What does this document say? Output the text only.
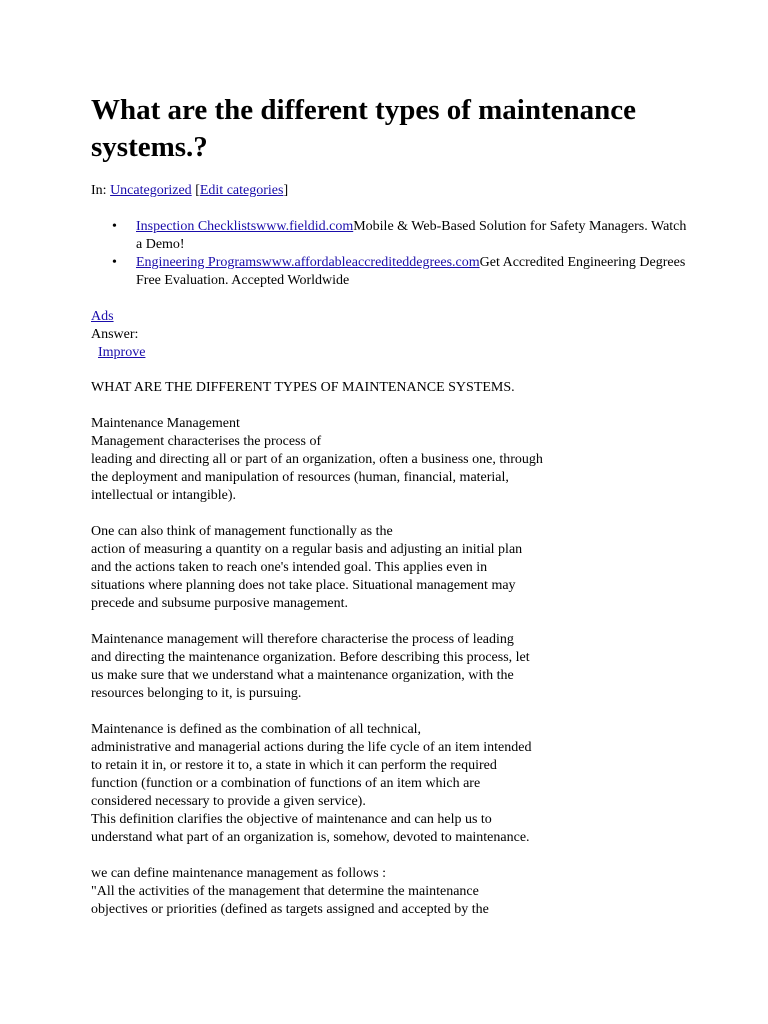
What are the different types of maintenance systems.?
In: Uncategorized [Edit categories]
• Inspection Checklistswww.fieldid.comMobile & Web-Based Solution for Safety Managers. Watch a Demo!
• Engineering Programswww.affordableaccrediteddegrees.comGet Accredited Engineering Degrees Free Evaluation. Accepted Worldwide
Ads
Answer:
Improve

WHAT ARE THE DIFFERENT TYPES OF MAINTENANCE SYSTEMS.

Maintenance Management
Management characterises the process of
leading and directing all or part of an organization, often a business one, through
the deployment and manipulation of resources (human, financial, material,
intellectual or intangible).

One can also think of management functionally as the
action of measuring a quantity on a regular basis and adjusting an initial plan
and the actions taken to reach one's intended goal. This applies even in
situations where planning does not take place. Situational management may
precede and subsume purposive management.

Maintenance management will therefore characterise the process of leading
and directing the maintenance organization. Before describing this process, let
us make sure that we understand what a maintenance organization, with the
resources belonging to it, is pursuing.

Maintenance is defined as the combination of all technical,
administrative and managerial actions during the life cycle of an item intended
to retain it in, or restore it to, a state in which it can perform the required
function (function or a combination of functions of an item which are
considered necessary to provide a given service).
This definition clarifies the objective of maintenance and can help us to
understand what part of an organization is, somehow, devoted to maintenance.

we can define maintenance management as follows :
"All the activities of the management that determine the maintenance
objectives or priorities (defined as targets assigned and accepted by the
